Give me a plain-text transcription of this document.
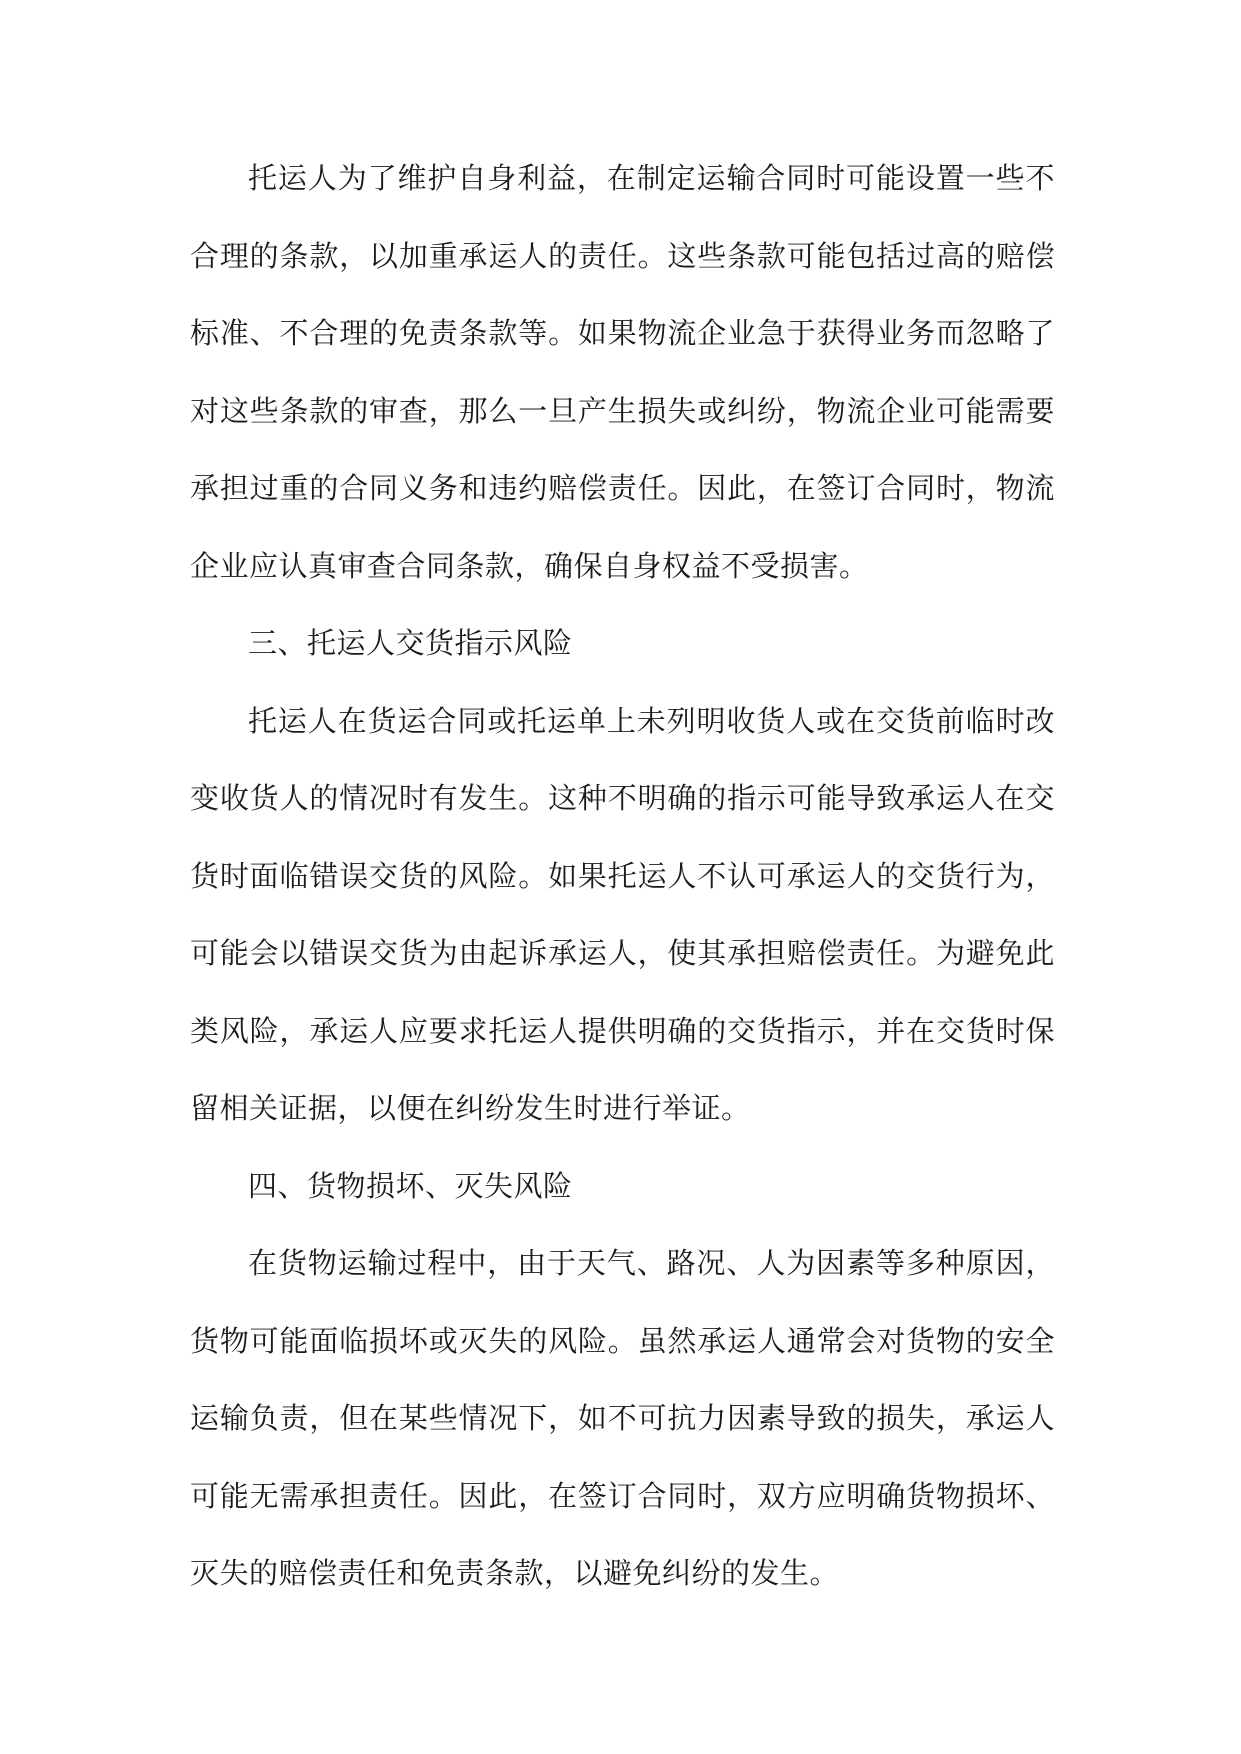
托运人为了维护自身利益，在制定运输合同时可能设置一些不合理的条款，以加重承运人的责任。这些条款可能包括过高的赔偿标准、不合理的免责条款等。如果物流企业急于获得业务而忽略了对这些条款的审查，那么一旦产生损失或纠纷，物流企业可能需要承担过重的合同义务和违约赔偿责任。因此，在签订合同时，物流企业应认真审查合同条款，确保自身权益不受损害。

三、托运人交货指示风险

托运人在货运合同或托运单上未列明收货人或在交货前临时改变收货人的情况时有发生。这种不明确的指示可能导致承运人在交货时面临错误交货的风险。如果托运人不认可承运人的交货行为，可能会以错误交货为由起诉承运人，使其承担赔偿责任。为避免此类风险，承运人应要求托运人提供明确的交货指示，并在交货时保留相关证据，以便在纠纷发生时进行举证。

四、货物损坏、灭失风险

在货物运输过程中，由于天气、路况、人为因素等多种原因，货物可能面临损坏或灭失的风险。虽然承运人通常会对货物的安全运输负责，但在某些情况下，如不可抗力因素导致的损失，承运人可能无需承担责任。因此，在签订合同时，双方应明确货物损坏、灭失的赔偿责任和免责条款，以避免纠纷的发生。
